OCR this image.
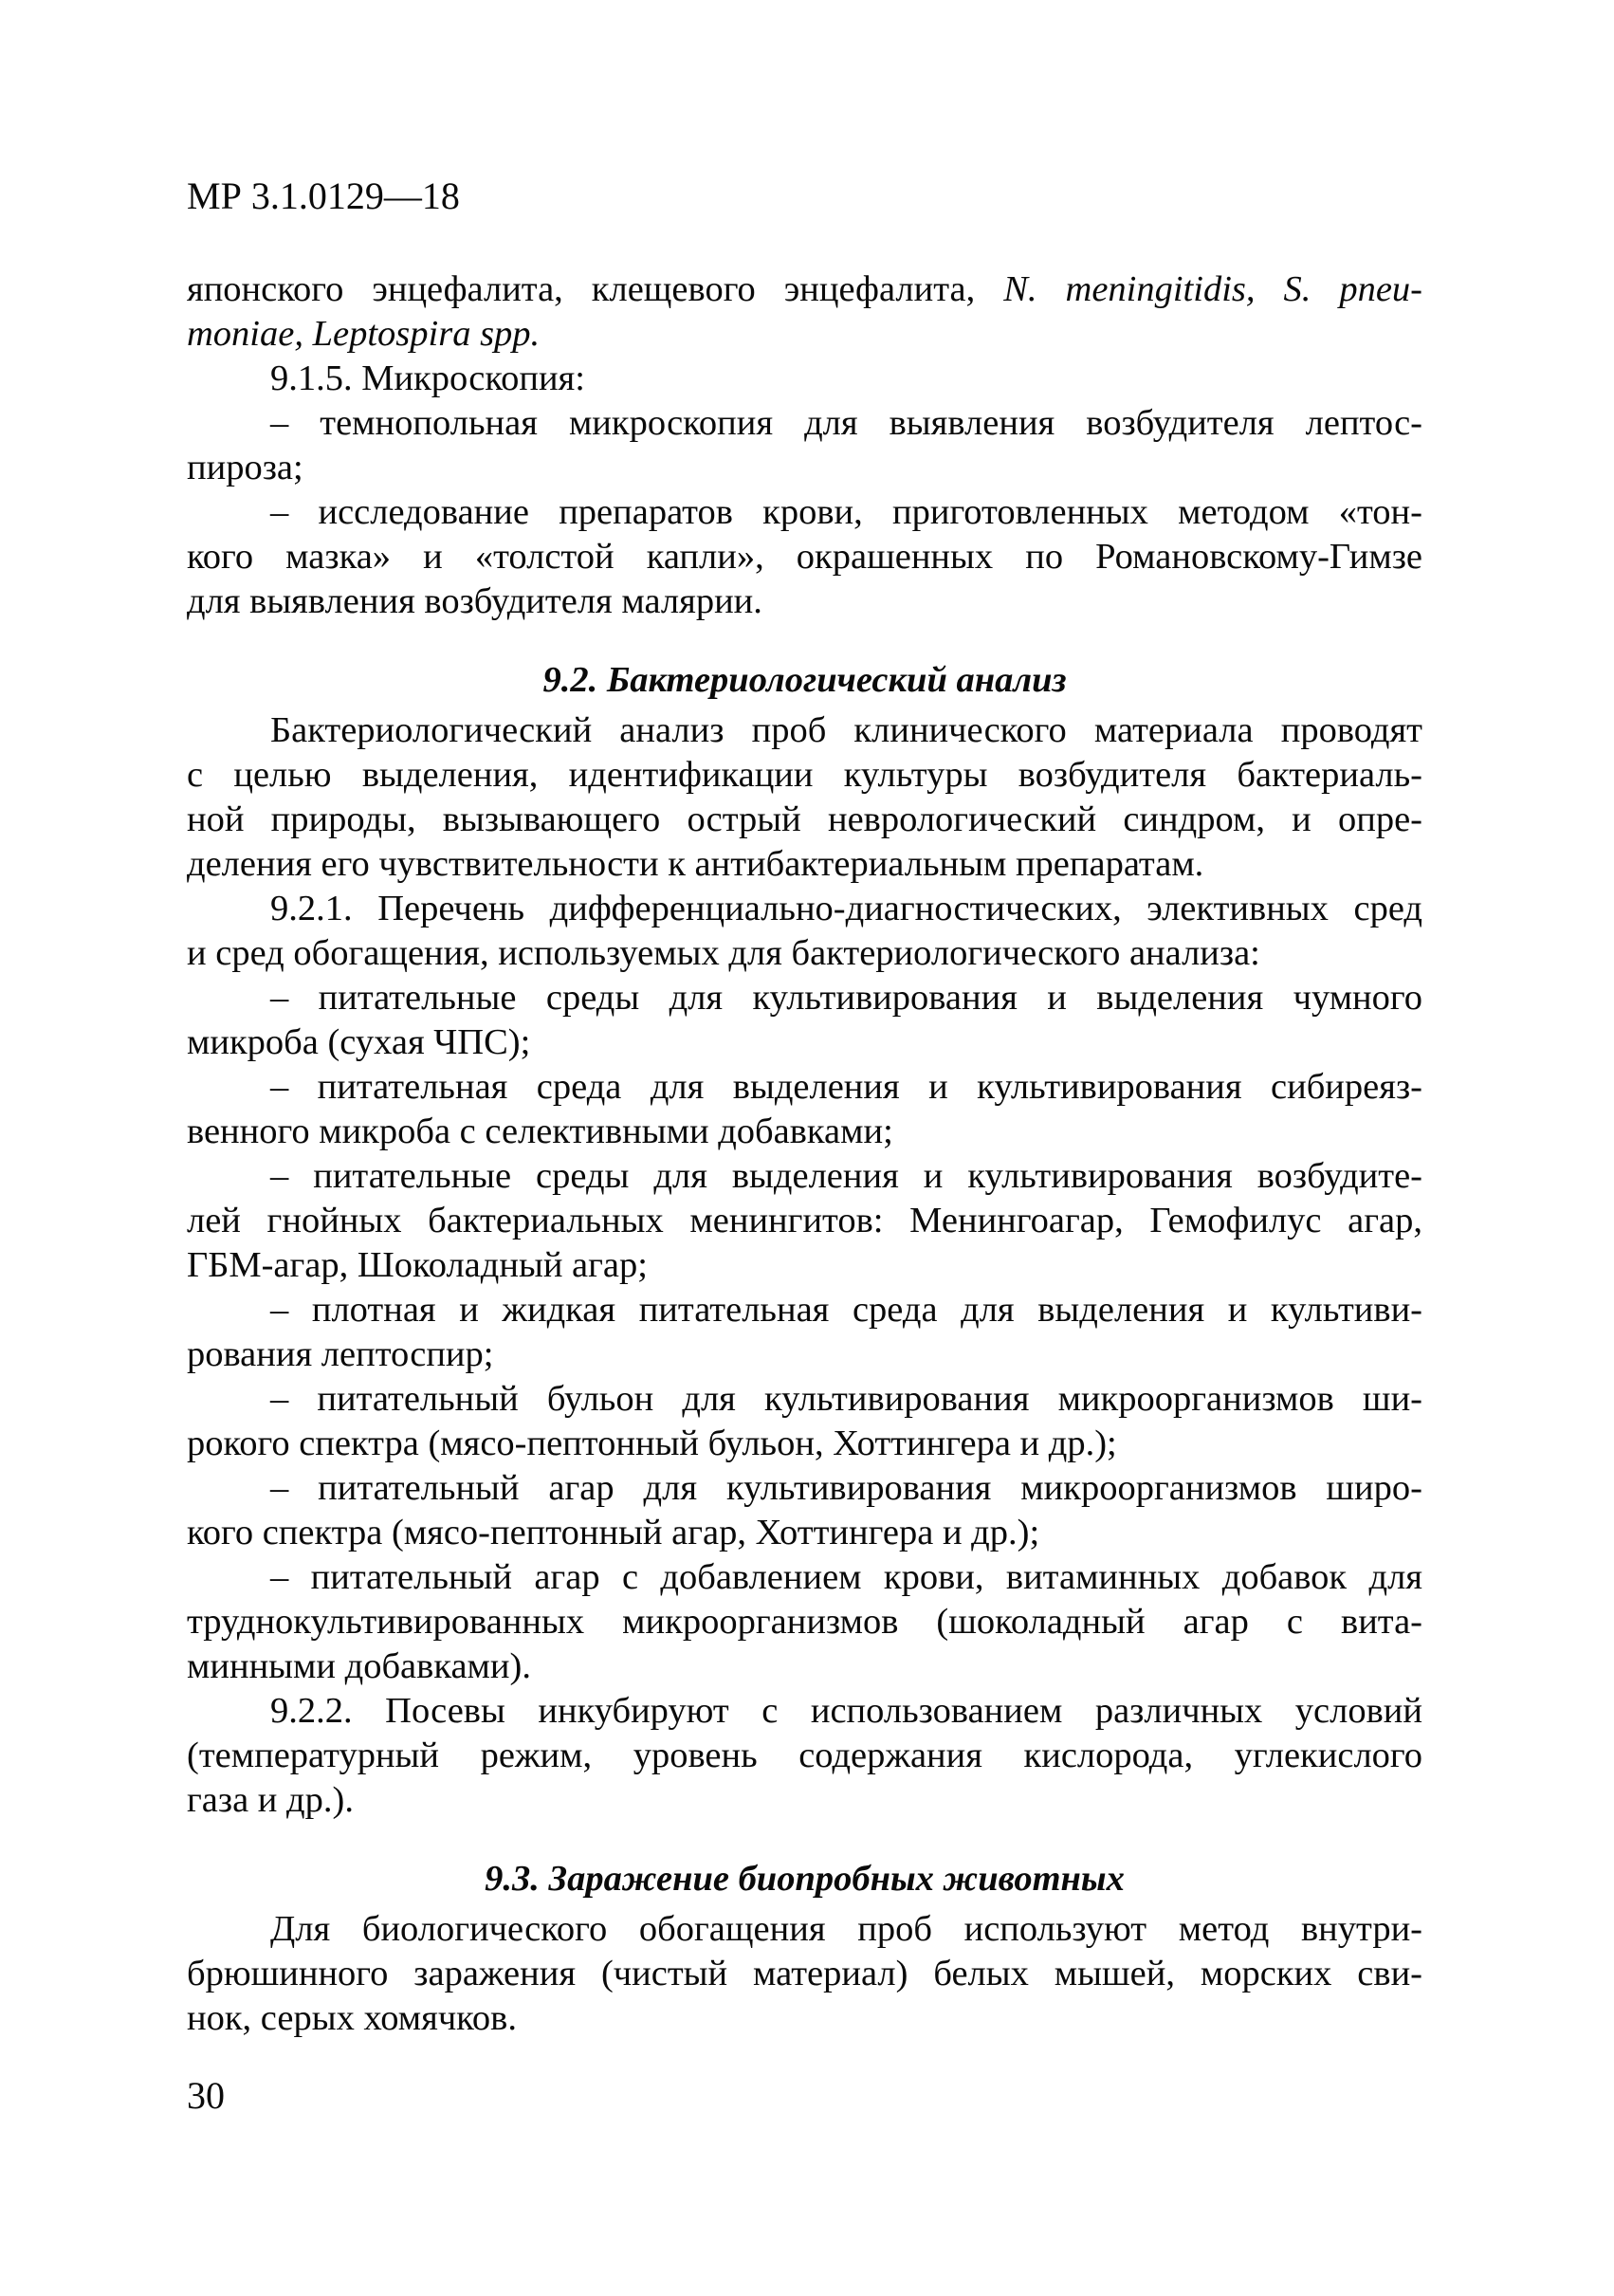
МР 3.1.0129—18
японского энцефалита, клещевого энцефалита, N. meningitidis, S. pneu-
moniae, Leptospira spp.
9.1.5. Микроскопия:
– темнопольная микроскопия для выявления возбудителя лептос-
пироза;
– исследование препаратов крови, приготовленных методом «тон-
кого мазка» и «толстой капли», окрашенных по Романовскому-Гимзе
для выявления возбудителя малярии.
9.2. Бактериологический анализ
Бактериологический анализ проб клинического материала проводят
с целью выделения, идентификации культуры возбудителя бактериаль-
ной природы, вызывающего острый неврологический синдром, и опре-
деления его чувствительности к антибактериальным препаратам.
9.2.1. Перечень дифференциально-диагностических, элективных сред
и сред обогащения, используемых для бактериологического анализа:
– питательные среды для культивирования и выделения чумного
микроба (сухая ЧПС);
– питательная среда для выделения и культивирования сибиреяз-
венного микроба с селективными добавками;
– питательные среды для выделения и культивирования возбудите-
лей гнойных бактериальных менингитов: Менингоагар, Гемофилус агар,
ГБМ-агар, Шоколадный агар;
– плотная и жидкая питательная среда для выделения и культиви-
рования лептоспир;
– питательный бульон для культивирования микроорганизмов ши-
рокого спектра (мясо-пептонный бульон, Хоттингера и др.);
– питательный агар для культивирования микроорганизмов широ-
кого спектра (мясо-пептонный агар, Хоттингера и др.);
– питательный агар с добавлением крови, витаминных добавок для
труднокультивированных микроорганизмов (шоколадный агар с вита-
минными добавками).
9.2.2. Посевы инкубируют с использованием различных условий
(температурный режим, уровень содержания кислорода, углекислого
газа и др.).
9.3. Заражение биопробных животных
Для биологического обогащения проб используют метод внутри-
брюшинного заражения (чистый материал) белых мышей, морских сви-
нок, серых хомячков.
30
